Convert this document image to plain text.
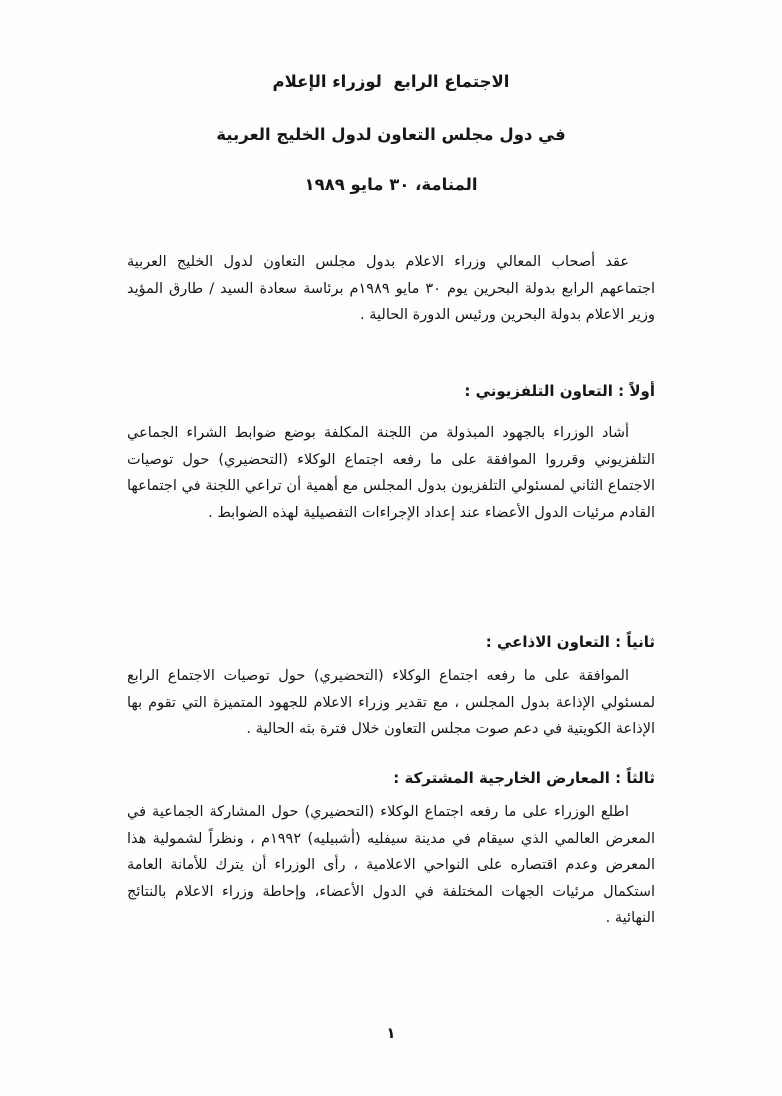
الاجتماع الرابع  لوزراء الإعلام
في دول مجلس التعاون لدول الخليج العربية
المنامة، ٣٠ مايو ١٩٨٩
عقد أصحاب المعالي وزراء الاعلام بدول مجلس التعاون لدول الخليج العربية اجتماعهم الرابع بدولة البحرين يوم ٣٠ مايو ١٩٨٩م برئاسة سعادة السيد / طارق المؤيد وزير الاعلام بدولة البحرين ورئيس الدورة الحالية .
أولاً : التعاون التلفزيوني :
أشاد الوزراء بالجهود المبذولة من اللجنة المكلفة بوضع ضوابط الشراء الجماعي التلفزيوني وقرروا الموافقة على ما رفعه اجتماع الوكلاء (التحضيري) حول توصيات الاجتماع الثاني لمسئولي التلفزيون بدول المجلس مع أهمية أن تراعي اللجنة في اجتماعها القادم مرئيات الدول الأعضاء عند إعداد الإجراءات التفصيلية لهذه الضوابط .
ثانياً : التعاون الاذاعي :
الموافقة على ما رفعه اجتماع الوكلاء (التحضيري) حول توصيات الاجتماع الرابع لمسئولي الإذاعة بدول المجلس ، مع تقدير وزراء الاعلام للجهود المتميزة التي تقوم بها الإذاعة الكويتية في دعم صوت مجلس التعاون خلال فترة بثه الحالية .
ثالثاً : المعارض الخارجية المشتركة :
اطلع الوزراء على ما رفعه اجتماع الوكلاء (التحضيري) حول المشاركة الجماعية في المعرض العالمي الذي سيقام في مدينة سيفليه (أشبيليه) ١٩٩٢م ، ونظراً لشمولية هذا المعرض وعدم اقتصاره على النواحي الاعلامية ، رأى الوزراء أن يترك للأمانة العامة استكمال مرئيات الجهات المختلفة في الدول الأعضاء، وإحاطة وزراء الاعلام بالنتائج النهائية .
١
